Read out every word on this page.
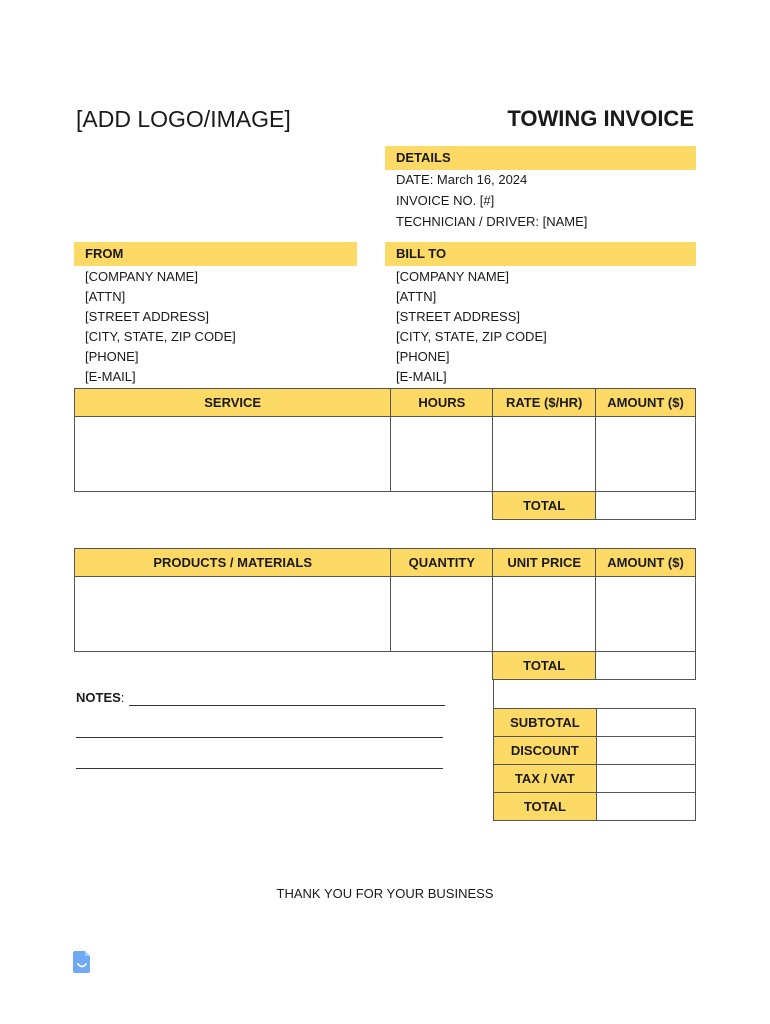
[ADD LOGO/IMAGE]	TOWING INVOICE
DETAILS
DATE: March 16, 2024
INVOICE NO. [#]
TECHNICIAN / DRIVER: [NAME]
FROM
[COMPANY NAME]
[ATTN]
[STREET ADDRESS]
[CITY, STATE, ZIP CODE]
[PHONE]
[E-MAIL]
BILL TO
[COMPANY NAME]
[ATTN]
[STREET ADDRESS]
[CITY, STATE, ZIP CODE]
[PHONE]
[E-MAIL]
SERVICE	HOURS	RATE ($/HR)	AMOUNT ($)

		TOTAL	
PRODUCTS / MATERIALS	QUANTITY	UNIT PRICE	AMOUNT ($)

		TOTAL	

SUBTOTAL	
DISCOUNT	
TAX / VAT	
TOTAL	
NOTES:
THANK YOU FOR YOUR BUSINESS
